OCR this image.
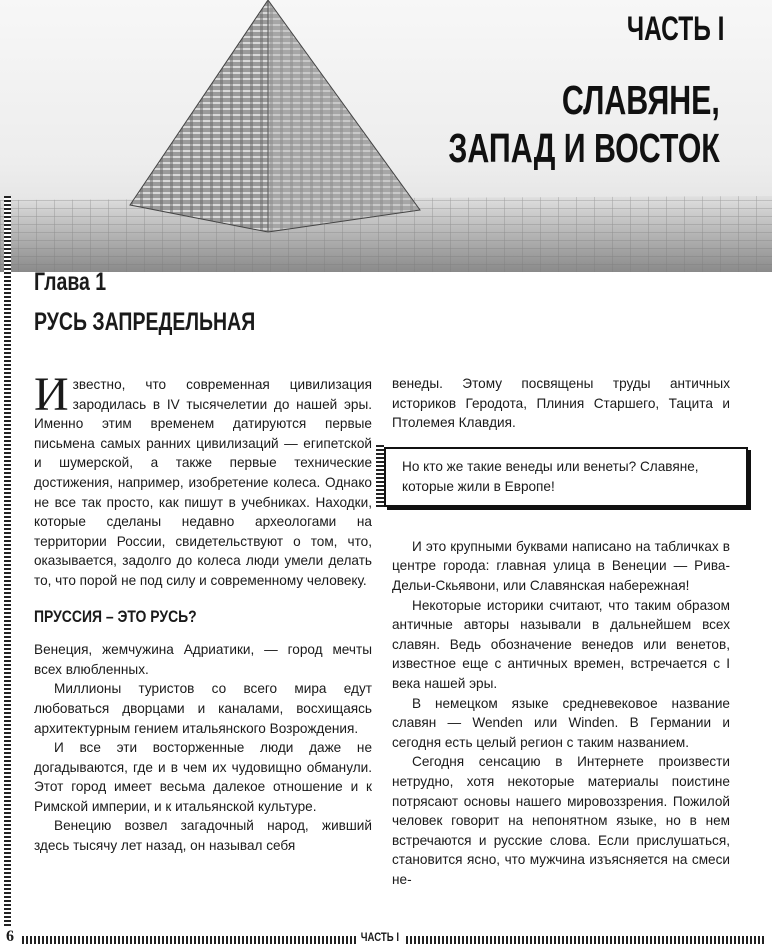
ЧАСТЬ I
СЛАВЯНЕ,
ЗАПАД И ВОСТОК
Глава 1
РУСЬ ЗАПРЕДЕЛЬНАЯ

Известно, что современная цивилизация зародилась в IV тысячелетии до нашей эры. Именно этим временем датируются первые письмена самых ранних цивилизаций — египетской и шумерской, а также первые технические достижения, например, изобретение колеса. Однако не все так просто, как пишут в учебниках. Находки, которые сделаны недавно археологами на территории России, свидетельствуют о том, что, оказывается, задолго до колеса люди умели делать то, что порой не под силу и современному человеку.

ПРУССИЯ – ЭТО РУСЬ?

Венеция, жемчужина Адриатики, — город мечты всех влюбленных.

Миллионы туристов со всего мира едут любоваться дворцами и каналами, восхищаясь архитектурным гением итальянского Возрождения.

И все эти восторженные люди даже не догадываются, где и в чем их чудовищно обманули. Этот город имеет весьма далекое отношение и к Римской империи, и к итальянской культуре.

Венецию возвел загадочный народ, живший здесь тысячу лет назад, он называл себя

венеды. Этому посвящены труды античных историков Геродота, Плиния Старшего, Тацита и Птолемея Клавдия.

Но кто же такие венеды или венеты? Славяне, которые жили в Европе!

И это крупными буквами написано на табличках в центре города: главная улица в Венеции — Рива-Дельи-Скьявони, или Славянская набережная!

Некоторые историки считают, что таким образом античные авторы называли в дальнейшем всех славян. Ведь обозначение венедов или венетов, известное еще с античных времен, встречается с I века нашей эры.

В немецком языке средневековое название славян — Wenden или Winden. В Германии и сегодня есть целый регион с таким названием.

Сегодня сенсацию в Интернете произвести нетрудно, хотя некоторые материалы поистине потрясают основы нашего мировоззрения. Пожилой человек говорит на непонятном языке, но в нем встречаются и русские слова. Если прислушаться, становится ясно, что мужчина изъясняется на смеси не-

6	ЧАСТЬ I
